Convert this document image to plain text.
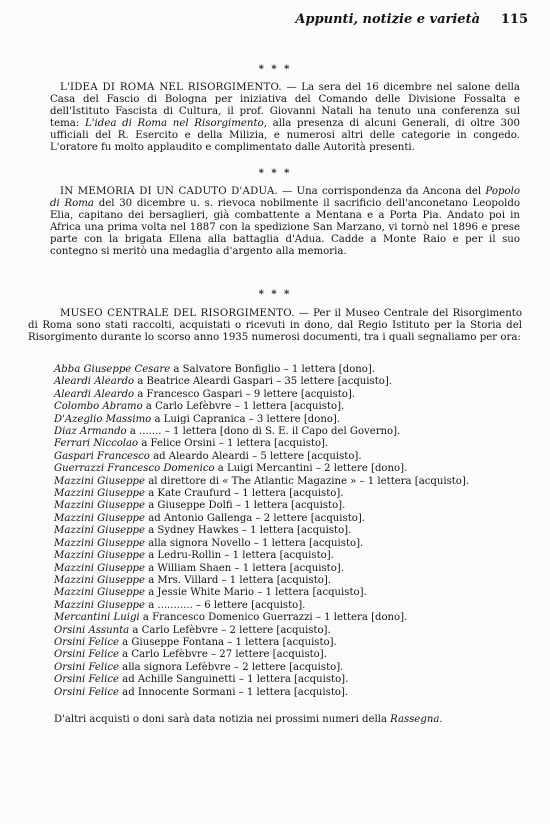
Appunti, notizie e varietà 115
* * *

L'IDEA DI ROMA NEL RISORGIMENTO. — La sera del 16 dicembre nel salone della Casa del Fascio di Bologna per iniziativa del Comando delle Divisione Fossalta e dell'Istituto Fascista di Cultura, il prof. Giovanni Natali ha tenuto una conferenza sul tema: L'idea di Roma nel Risorgimento, alla presenza di alcuni Generali, di oltre 300 ufficiali del R. Esercito e della Milizia, e numerosi altri delle categorie in congedo. L'oratore fu molto applaudito e complimentato dalle Autorità presenti.

* * *

IN MEMORIA DI UN CADUTO D'ADUA. — Una corrispondenza da Ancona del Popolo di Roma del 30 dicembre u. s. rievoca nobilmente il sacrificio dell'anconetano Leopoldo Elia, capitano dei bersaglieri, già combattente a Mentana e a Porta Pia. Andato poi in Africa una prima volta nel 1887 con la spedizione San Marzano, vi tornò nel 1896 e prese parte con la brigata Ellena alla battaglia d'Adua. Cadde a Monte Raio e per il suo contegno si meritò una medaglia d'argento alla memoria.

* * *

MUSEO CENTRALE DEL RISORGIMENTO. — Per il Museo Centrale del Risorgimento di Roma sono stati raccolti, acquistati o ricevuti in dono, dal Regio Istituto per la Storia del Risorgimento durante lo scorso anno 1935 numerosi documenti, tra i quali segnaliamo per ora:

Abba Giuseppe Cesare a Salvatore Bonfiglio – 1 lettera [dono].
Aleardi Aleardo a Beatrice Aleardi Gaspari – 35 lettere [acquisto].
Aleardi Aleardo a Francesco Gaspari – 9 lettere [acquisto].
Colombo Abramo a Carlo Lefèbvre – 1 lettera [acquisto].
D'Azeglio Massimo a Luigi Capranica – 3 lettere [dono].
Diaz Armando a ....... – 1 lettera [dono di S. E. il Capo del Governo].
Ferrari Niccolao a Felice Orsini – 1 lettera [acquisto].
Gaspari Francesco ad Aleardo Aleardi – 5 lettere [acquisto].
Guerrazzi Francesco Domenico a Luigi Mercantini – 2 lettere [dono].
Mazzini Giuseppe al direttore di « The Atlantic Magazine » – 1 lettera [acquisto].
Mazzini Giuseppe a Kate Craufurd – 1 lettera [acquisto].
Mazzini Giuseppe a Giuseppe Dolfi – 1 lettera [acquisto].
Mazzini Giuseppe ad Antonio Gallenga – 2 lettere [acquisto].
Mazzini Giuseppe a Sydney Hawkes – 1 lettera [acquisto].
Mazzini Giuseppe alla signora Novello – 1 lettera [acquisto].
Mazzini Giuseppe a Ledru-Rollin – 1 lettera [acquisto].
Mazzini Giuseppe a William Shaen – 1 lettera [acquisto].
Mazzini Giuseppe a Mrs. Villard – 1 lettera [acquisto].
Mazzini Giuseppe a Jessie White Mario – 1 lettera [acquisto].
Mazzini Giuseppe a ........... – 6 lettere [acquisto].
Mercantini Luigi a Francesco Domenico Guerrazzi – 1 lettera [dono].
Orsini Assunta a Carlo Lefèbvre – 2 lettere [acquisto].
Orsini Felice a Giuseppe Fontana – 1 lettera [acquisto].
Orsini Felice a Carlo Lefèbvre – 27 lettere [acquisto].
Orsini Felice alla signora Lefèbvre – 2 lettere [acquisto].
Orsini Felice ad Achille Sanguinetti – 1 lettera [acquisto].
Orsini Felice ad Innocente Sormani – 1 lettera [acquisto].
D'altri acquisti o doni sarà data notizia nei prossimi numeri della Rassegna.
